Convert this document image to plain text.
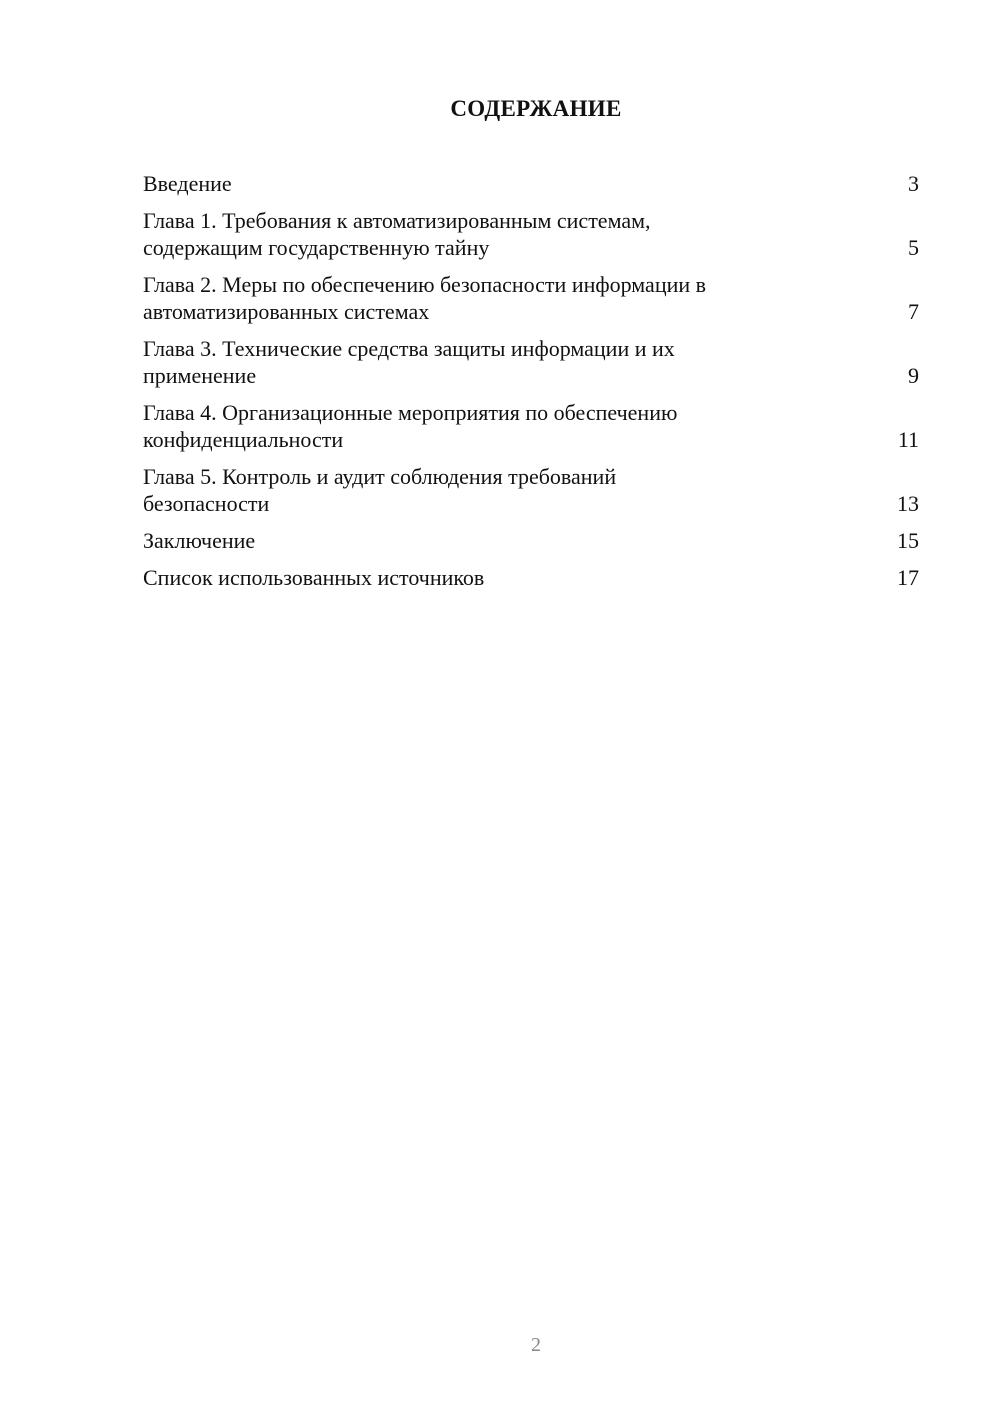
СОДЕРЖАНИЕ
Введение	3
Глава 1. Требования к автоматизированным системам,
содержащим государственную тайну	5
Глава 2. Меры по обеспечению безопасности информации в
автоматизированных системах	7
Глава 3. Технические средства защиты информации и их
применение	9
Глава 4. Организационные мероприятия по обеспечению
конфиденциальности	11
Глава 5. Контроль и аудит соблюдения требований
безопасности	13
Заключение	15
Список использованных источников	17
2
